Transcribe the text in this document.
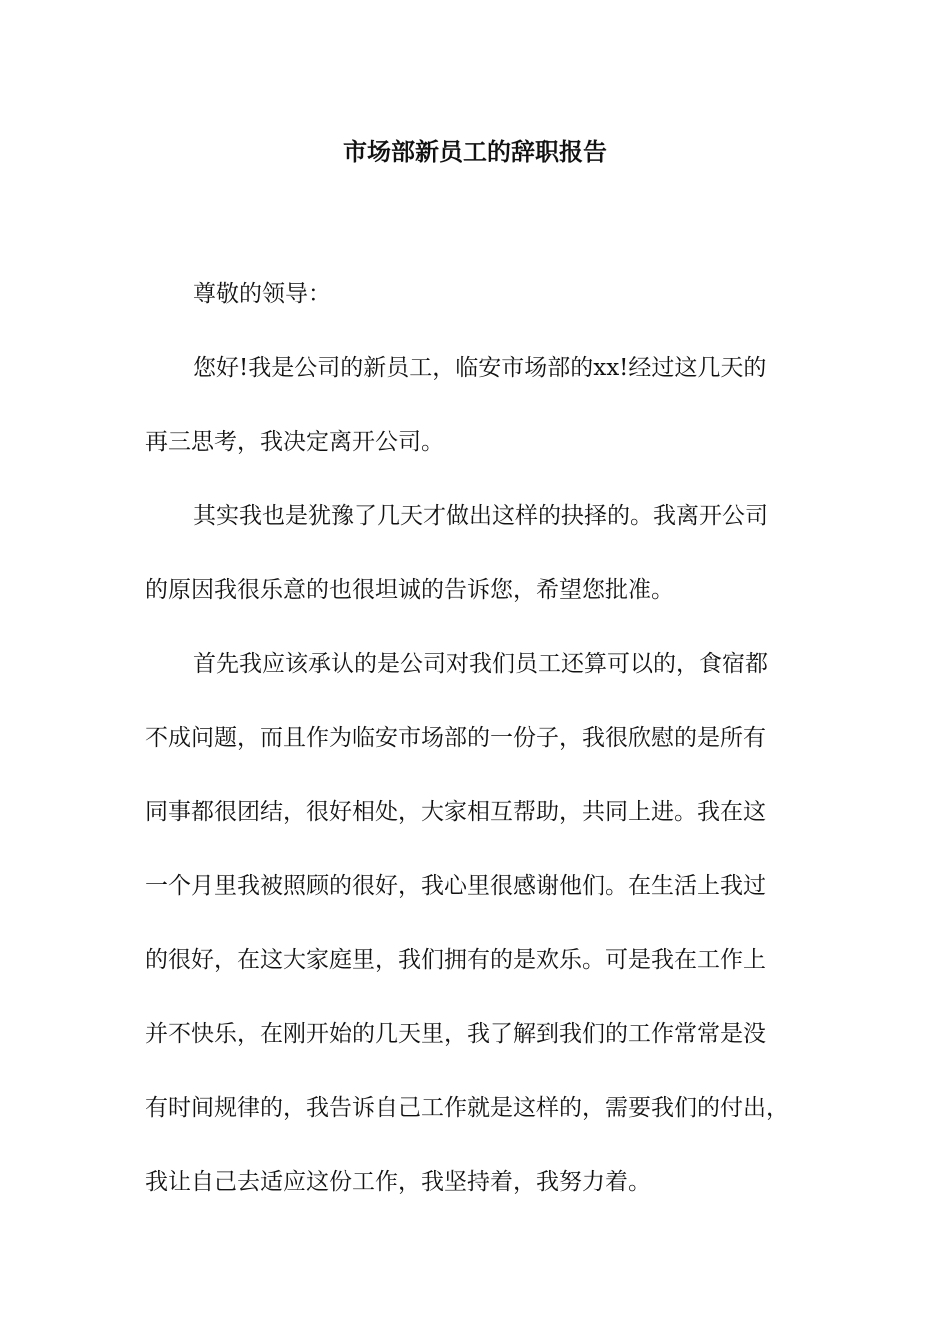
市场部新员工的辞职报告
尊敬的领导：
您好!我是公司的新员工，临安市场部的xx!经过这几天的
再三思考，我决定离开公司。
其实我也是犹豫了几天才做出这样的抉择的。我离开公司
的原因我很乐意的也很坦诚的告诉您，希望您批准。
首先我应该承认的是公司对我们员工还算可以的，食宿都
不成问题，而且作为临安市场部的一份子，我很欣慰的是所有
同事都很团结，很好相处，大家相互帮助，共同上进。我在这
一个月里我被照顾的很好，我心里很感谢他们。在生活上我过
的很好，在这大家庭里，我们拥有的是欢乐。可是我在工作上
并不快乐，在刚开始的几天里，我了解到我们的工作常常是没
有时间规律的，我告诉自己工作就是这样的，需要我们的付出，
我让自己去适应这份工作，我坚持着，我努力着。
